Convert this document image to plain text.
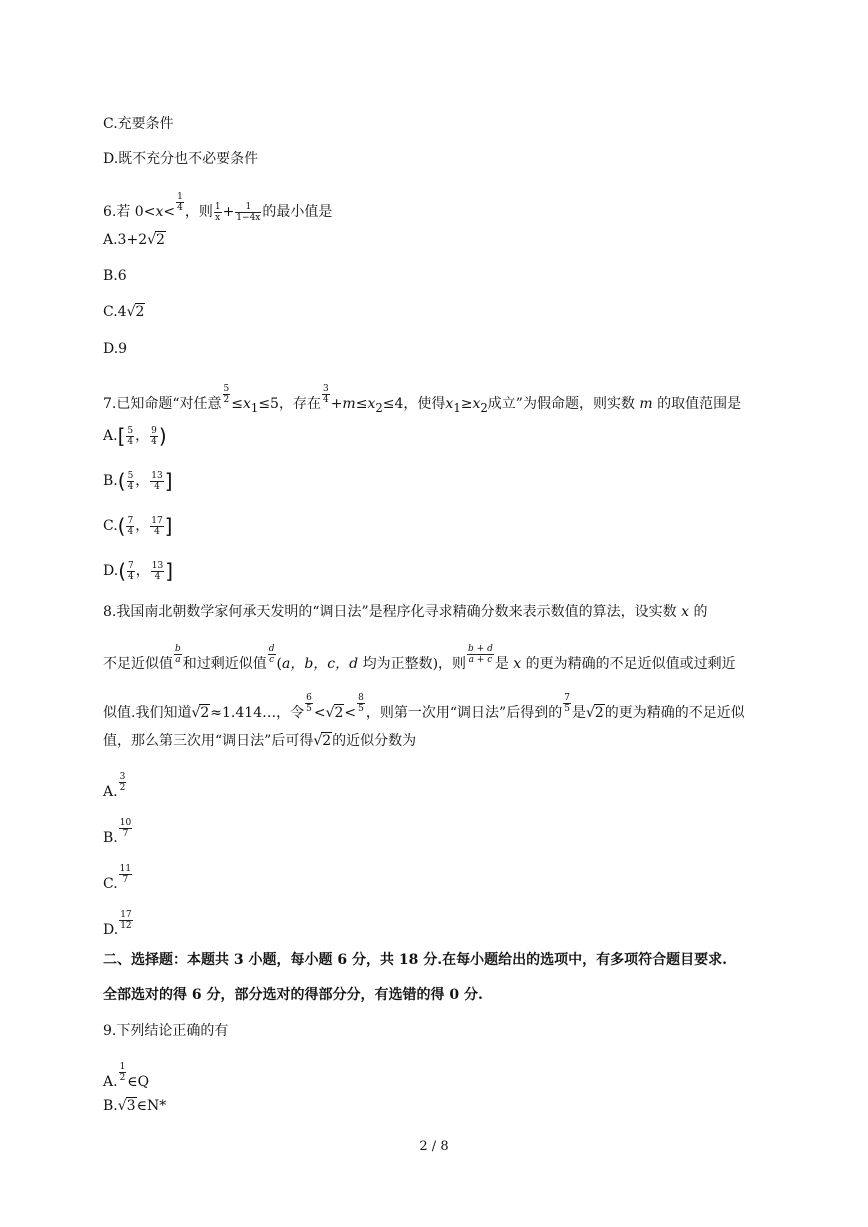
C.充要条件
D.既不充分也不必要条件
6.若 $0<x< \frac{1}{4}$ ，则 $\frac{1}{x} + \frac{1}{1-4x}$ 的最小值是
A.3+2√2
B.6
C.4√2
D.9
7.已知命题“对任意 $\frac{5}{2} \le x_1\le 5$，存在 $\frac{3}{4} +m\le x_2\le 4$，使得$x_1\ge x_2$成立”为假命题，则实数 m 的取值范围是
$A.[ \frac{5}{4}$ ， $\frac{9}{4}$ )
$B.( \frac{5}{4}$ ， $\frac{13}{4}$ ]
$C.( \frac{7}{4}$ ， $\frac{17}{4}$ ]
$D.( \frac{7}{4}$ ， $\frac{13}{4}$ ]
8.我国南北朝数学家何承天发明的“调日法”是程序化寻求精确分数来表示数值的算法，设实数 x 的
不足近似值 $\frac{b}{a}$ 和过剩近似值 $\frac{d}{c} (a$，b，c，d 均为正整数)，则 $\frac{b + d}{a + c}$ 是 x 的更为精确的不足近似值或过剩近
似值.我们知道√2≈1.414…，令 $\frac{6}{5} <√2< \frac{8}{5}$ ，则第一次用“调日法”后得到的 $\frac{7}{5}$ 是√2的更为精确的不足近似
值，那么第三次用“调日法”后可得√2的近似分数为
A. $\frac{3}{2}$
B. $\frac{10}{7}$
C. $\frac{11}{7}$
D. $\frac{17}{12}$
二、选择题：本题共 3 小题，每小题 6 分，共 18 分.在每小题给出的选项中，有多项符合题目要求.
全部选对的得 6 分，部分选对的得部分分，有选错的得 0 分.
9.下列结论正确的有
A. $\frac{1}{2}$ ∈Q
B.√3∈N*
2 / 8
